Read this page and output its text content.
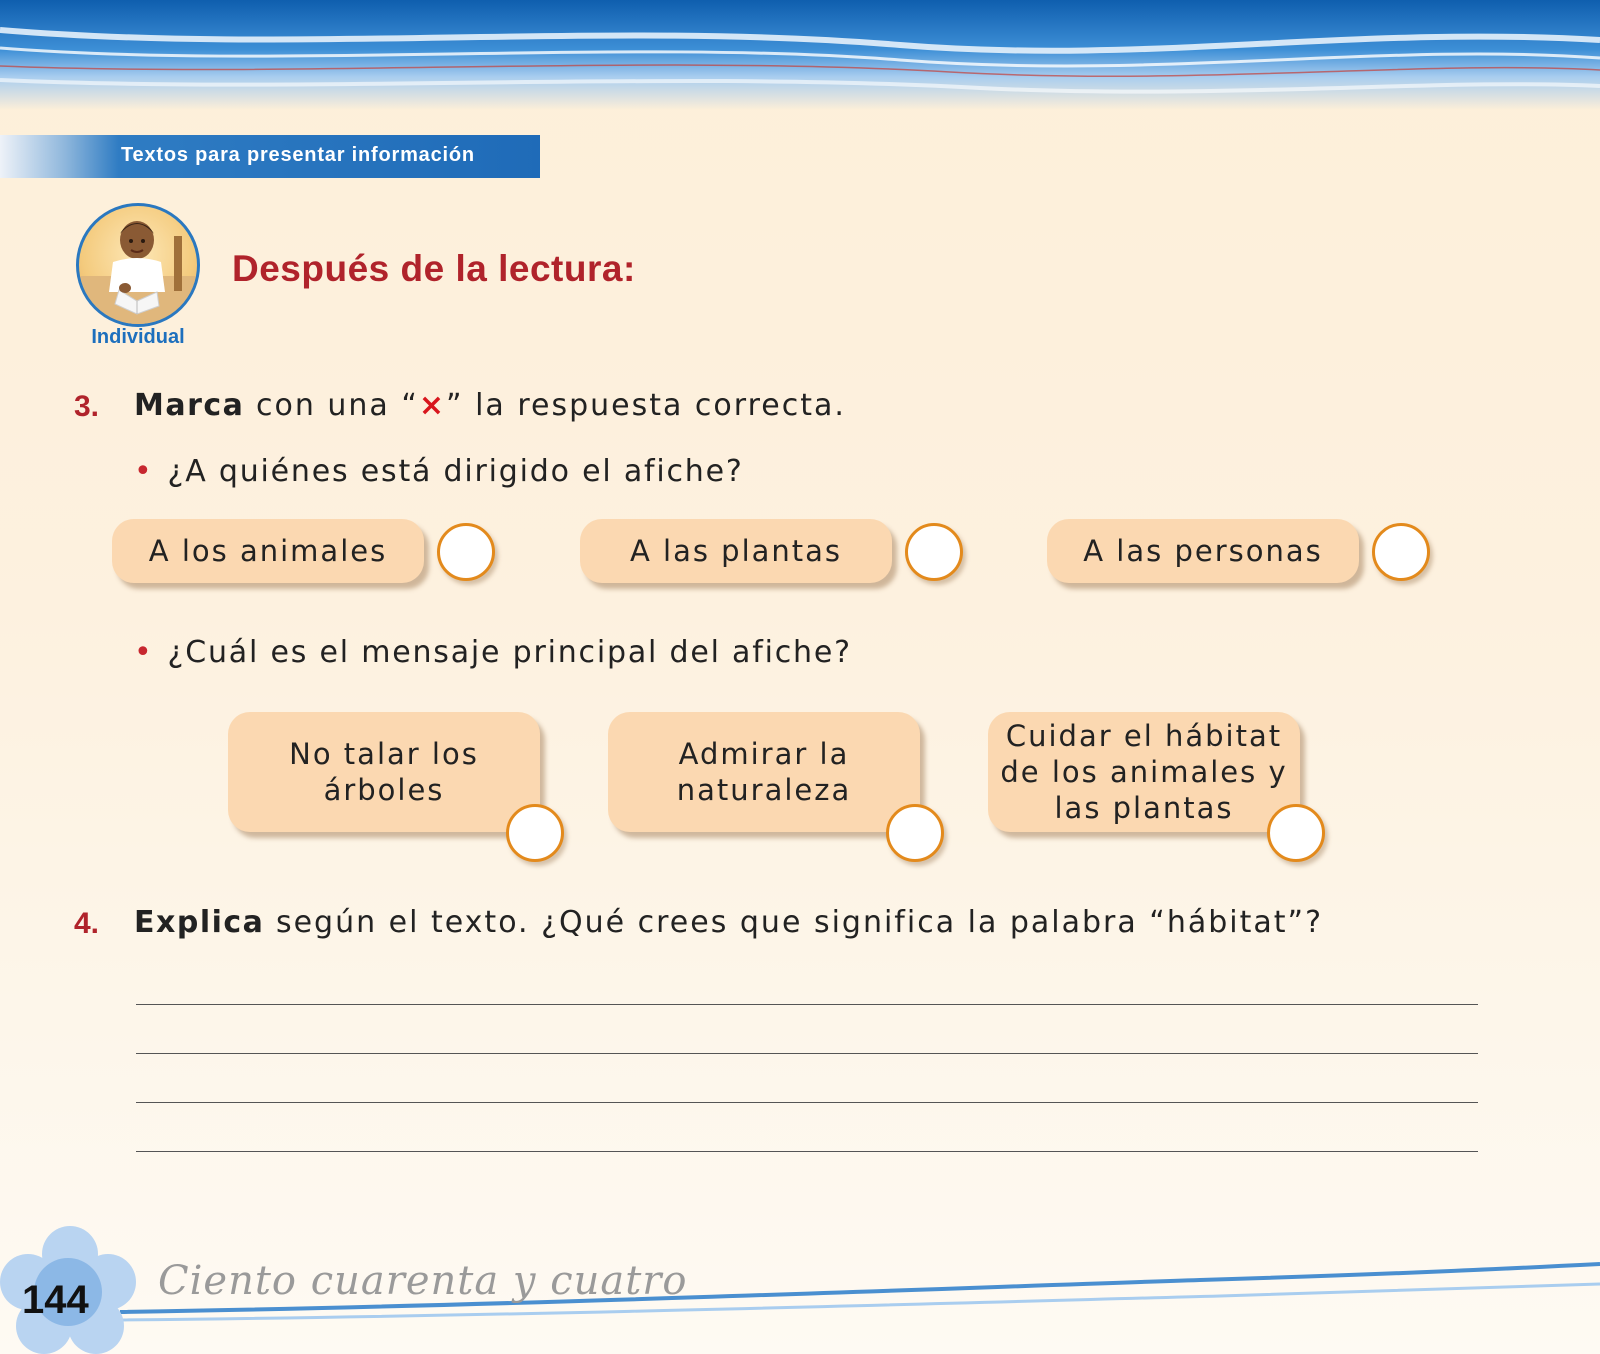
Textos para presentar información
Individual
Después de la lectura:
3. Marca con una “×” la respuesta correcta.
• ¿A quiénes está dirigido el afiche?
A los animales	A las plantas	A las personas
• ¿Cuál es el mensaje principal del afiche?
No talar los
árboles
Admirar la
naturaleza
Cuidar el hábitat
de los animales y
las plantas
4. Explica según el texto. ¿Qué crees que significa la palabra “hábitat”?
144 Ciento cuarenta y cuatro
